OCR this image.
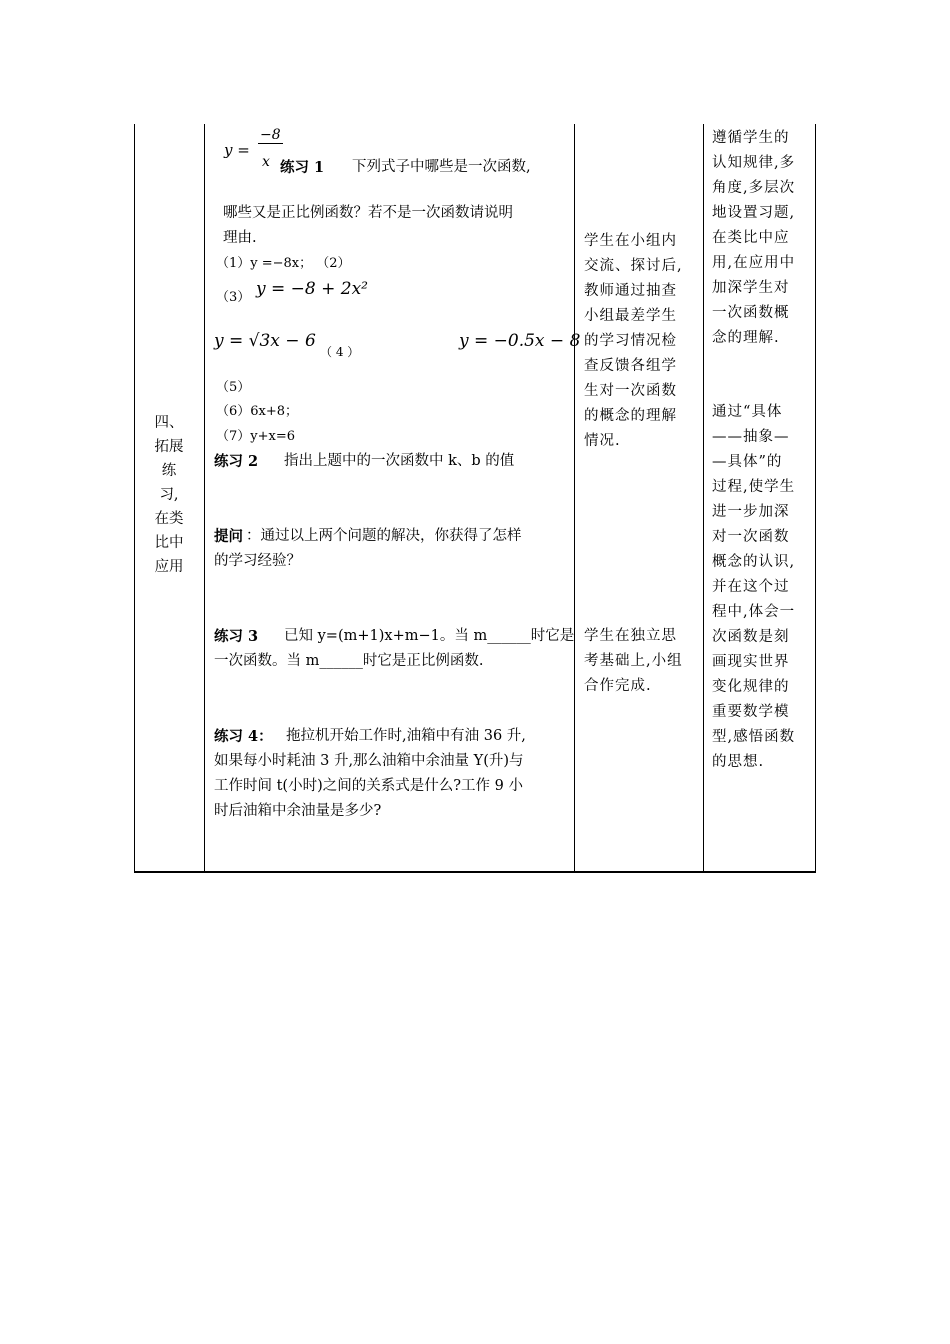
四、
拓展
练
习,
在类
比中
应用
y =
−8
x 练习 1 下列式子中哪些是一次函数,
哪些又是正比例函数？若不是一次函数请说明
理由.
（1）y =−8x； （2）
（3） y = −8 + 2x²
y = √3x − 6
（ 4 ）
y = −0.5x − 8
（5）
（6）6x+8；
（7）y+x=6
练习 2 指出上题中的一次函数中 k、b 的值
提问 ：通过以上两个问题的解决，你获得了怎样
的学习经验？
练习 3 已知 y=(m+1)x+m−1。当 m______时它是
一次函数。当 m______时它是正比例函数.
练习 4： 拖拉机开始工作时,油箱中有油 36 升,
如果每小时耗油 3 升,那么油箱中余油量 Y(升)与
工作时间 t(小时)之间的关系式是什么?工作 9 小
时后油箱中余油量是多少?
学生在小组内
交流、探讨后,
教师通过抽查
小组最差学生
的学习情况检
查反馈各组学
生对一次函数
的概念的理解
情况.
学生在独立思
考基础上,小组
合作完成.
遵循学生的
认知规律,多
角度,多层次
地设置习题,
在类比中应
用,在应用中
加深学生对
一次函数概
念的理解.
通过“具体
——抽象—
—具体”的
过程,使学生
进一步加深
对一次函数
概念的认识,
并在这个过
程中,体会一
次函数是刻
画现实世界
变化规律的
重要数学模
型,感悟函数
的思想.
